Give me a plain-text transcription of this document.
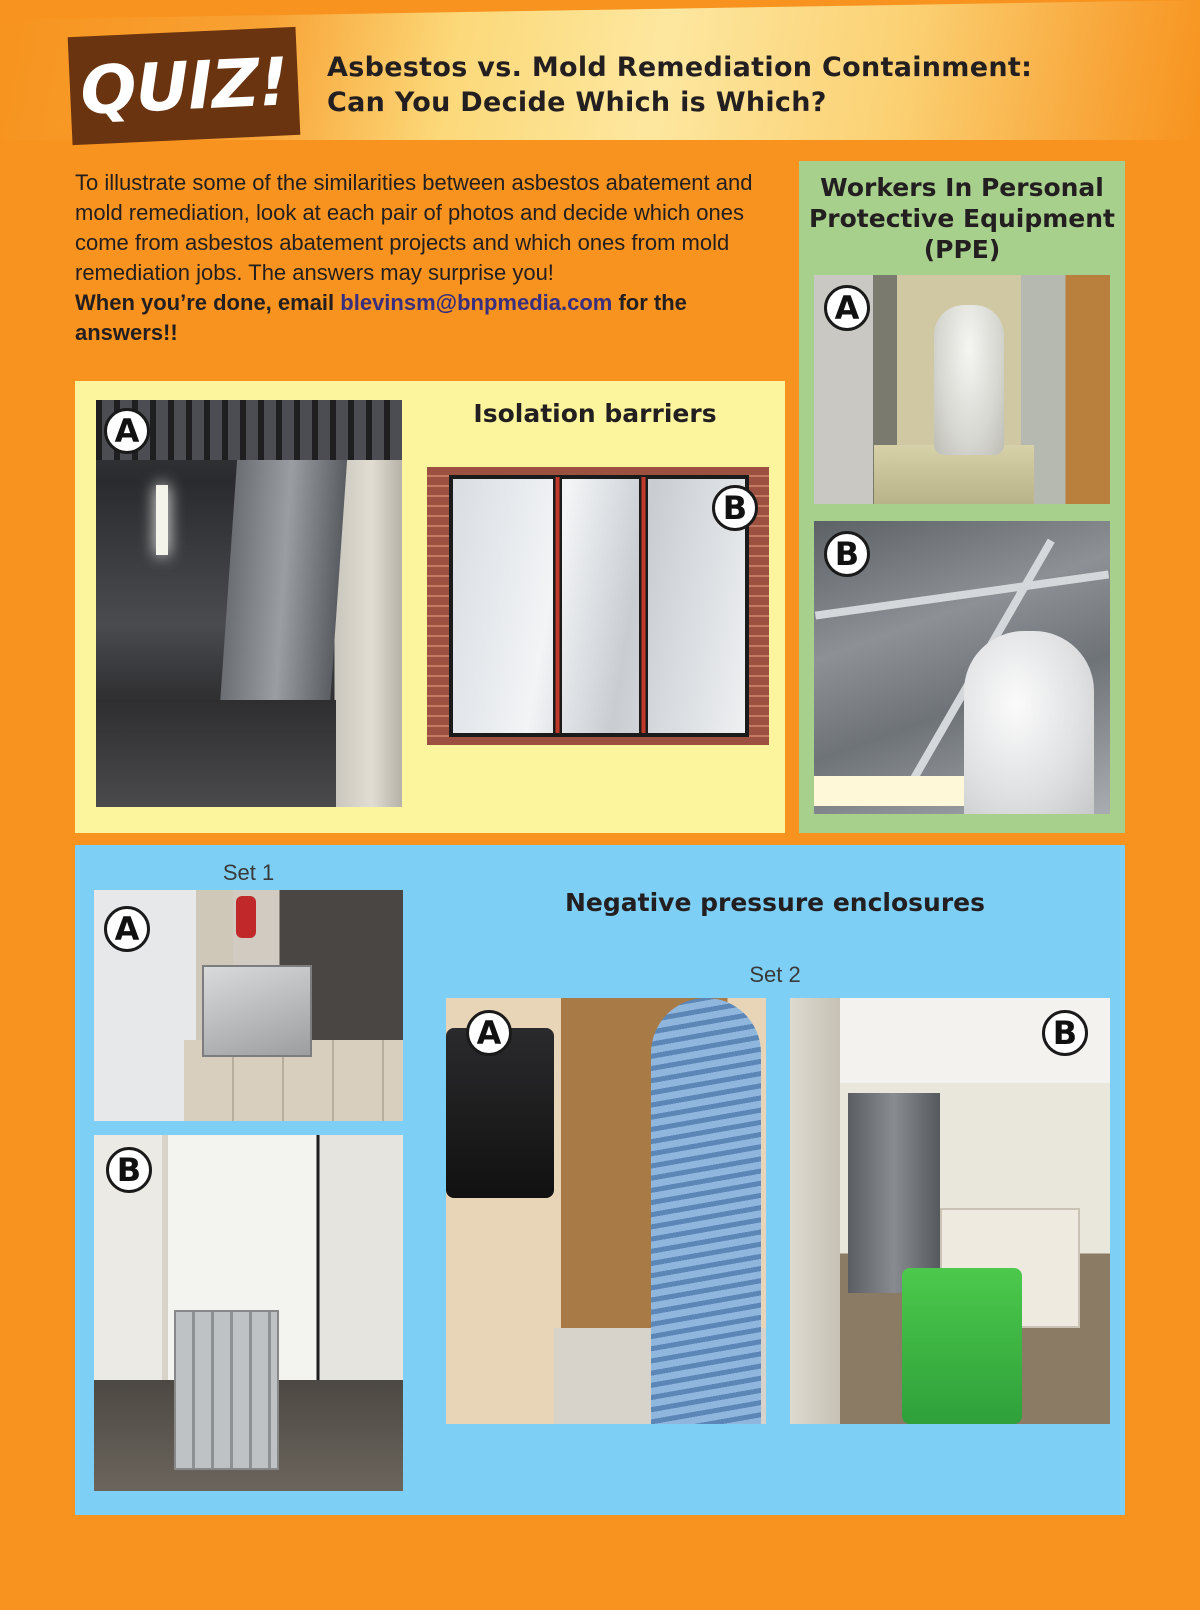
QUIZ! Asbestos vs. Mold Remediation Containment:
Can You Decide Which is Which?
To illustrate some of the similarities between asbestos abatement and mold remediation, look at each pair of photos and decide which ones come from asbestos abatement projects and which ones from mold remediation jobs. The answers may surprise you!
When you’re done, email blevinsm@bnpmedia.com for the answers!!
Isolation barriers
A
B
Workers In Personal Protective Equipment (PPE)
A
B
Set 1
Negative pressure enclosures
Set 2
A
B
A	B
